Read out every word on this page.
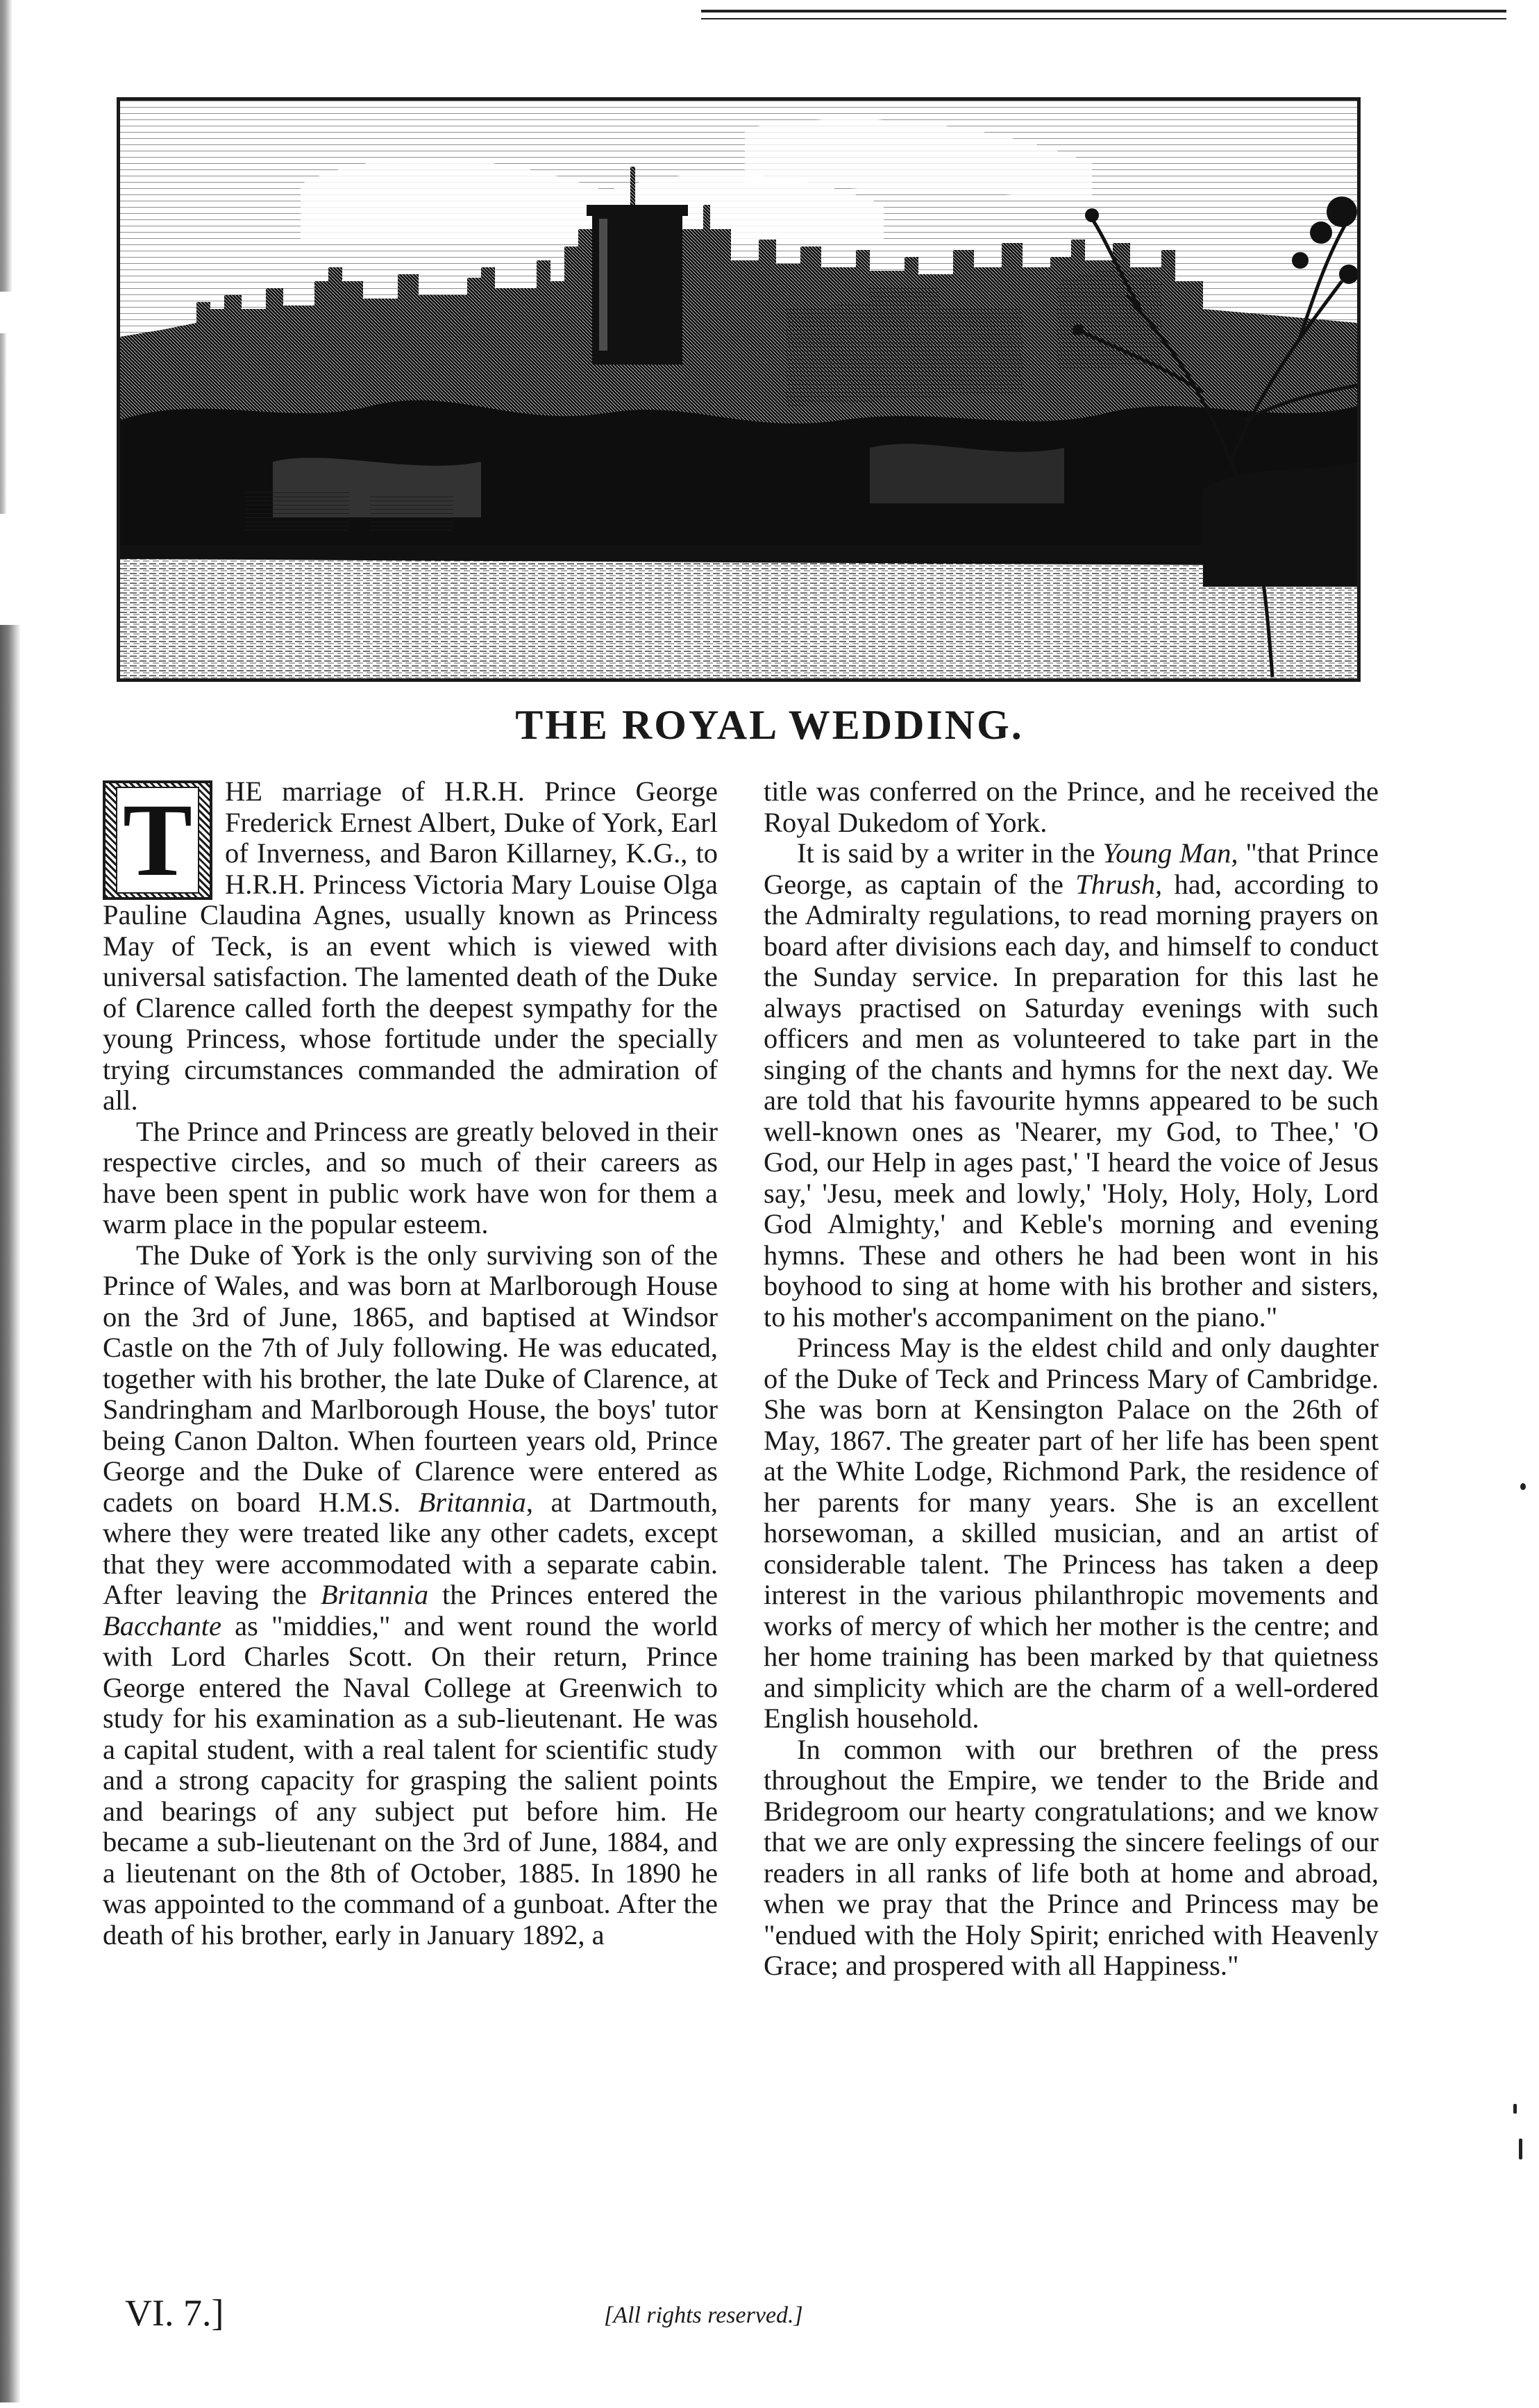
THE ROYAL WEDDING.
T	HE marriage of H.R.H. Prince George Frederick Ernest Albert, Duke of York, Earl of Inverness, and Baron Killarney, K.G., to H.R.H. Princess Victoria Mary Louise Olga Pauline Claudina Agnes, usually known as Princess May of Teck, is an event which is viewed with universal satisfaction. The lamented death of the Duke of Clarence called forth the deepest sympathy for the young Princess, whose fortitude under the specially trying circumstances commanded the admiration of all.

The Prince and Princess are greatly beloved in their respective circles, and so much of their careers as have been spent in public work have won for them a warm place in the popular esteem.

The Duke of York is the only surviving son of the Prince of Wales, and was born at Marlborough House on the 3rd of June, 1865, and baptised at Windsor Castle on the 7th of July following. He was educated, together with his brother, the late Duke of Clarence, at Sandringham and Marlborough House, the boys' tutor being Canon Dalton. When fourteen years old, Prince George and the Duke of Clarence were entered as cadets on board H.M.S. Britannia, at Dartmouth, where they were treated like any other cadets, except that they were accommodated with a separate cabin. After leaving the Britannia the Princes entered the Bacchante as "middies," and went round the world with Lord Charles Scott. On their return, Prince George entered the Naval College at Greenwich to study for his examination as a sub-lieutenant. He was a capital student, with a real talent for scientific study and a strong capacity for grasping the salient points and bearings of any subject put before him. He became a sub-lieutenant on the 3rd of June, 1884, and a lieutenant on the 8th of October, 1885. In 1890 he was appointed to the command of a gunboat. After the death of his brother, early in January 1892, a

title was conferred on the Prince, and he received the Royal Dukedom of York.

It is said by a writer in the Young Man, "that Prince George, as captain of the Thrush, had, according to the Admiralty regulations, to read morning prayers on board after divisions each day, and himself to conduct the Sunday service. In preparation for this last he always practised on Saturday evenings with such officers and men as volunteered to take part in the singing of the chants and hymns for the next day. We are told that his favourite hymns appeared to be such well-known ones as 'Nearer, my God, to Thee,' 'O God, our Help in ages past,' 'I heard the voice of Jesus say,' 'Jesu, meek and lowly,' 'Holy, Holy, Holy, Lord God Almighty,' and Keble's morning and evening hymns. These and others he had been wont in his boyhood to sing at home with his brother and sisters, to his mother's accompaniment on the piano."

Princess May is the eldest child and only daughter of the Duke of Teck and Princess Mary of Cambridge. She was born at Kensington Palace on the 26th of May, 1867. The greater part of her life has been spent at the White Lodge, Richmond Park, the residence of her parents for many years. She is an excellent horsewoman, a skilled musician, and an artist of considerable talent. The Princess has taken a deep interest in the various philanthropic movements and works of mercy of which her mother is the centre; and her home training has been marked by that quietness and simplicity which are the charm of a well-ordered English household.

In common with our brethren of the press throughout the Empire, we tender to the Bride and Bridegroom our hearty congratulations; and we know that we are only expressing the sincere feelings of our readers in all ranks of life both at home and abroad, when we pray that the Prince and Princess may be "endued with the Holy Spirit; enriched with Heavenly Grace; and prospered with all Happiness."

VI. 7.]	[All rights reserved.]
